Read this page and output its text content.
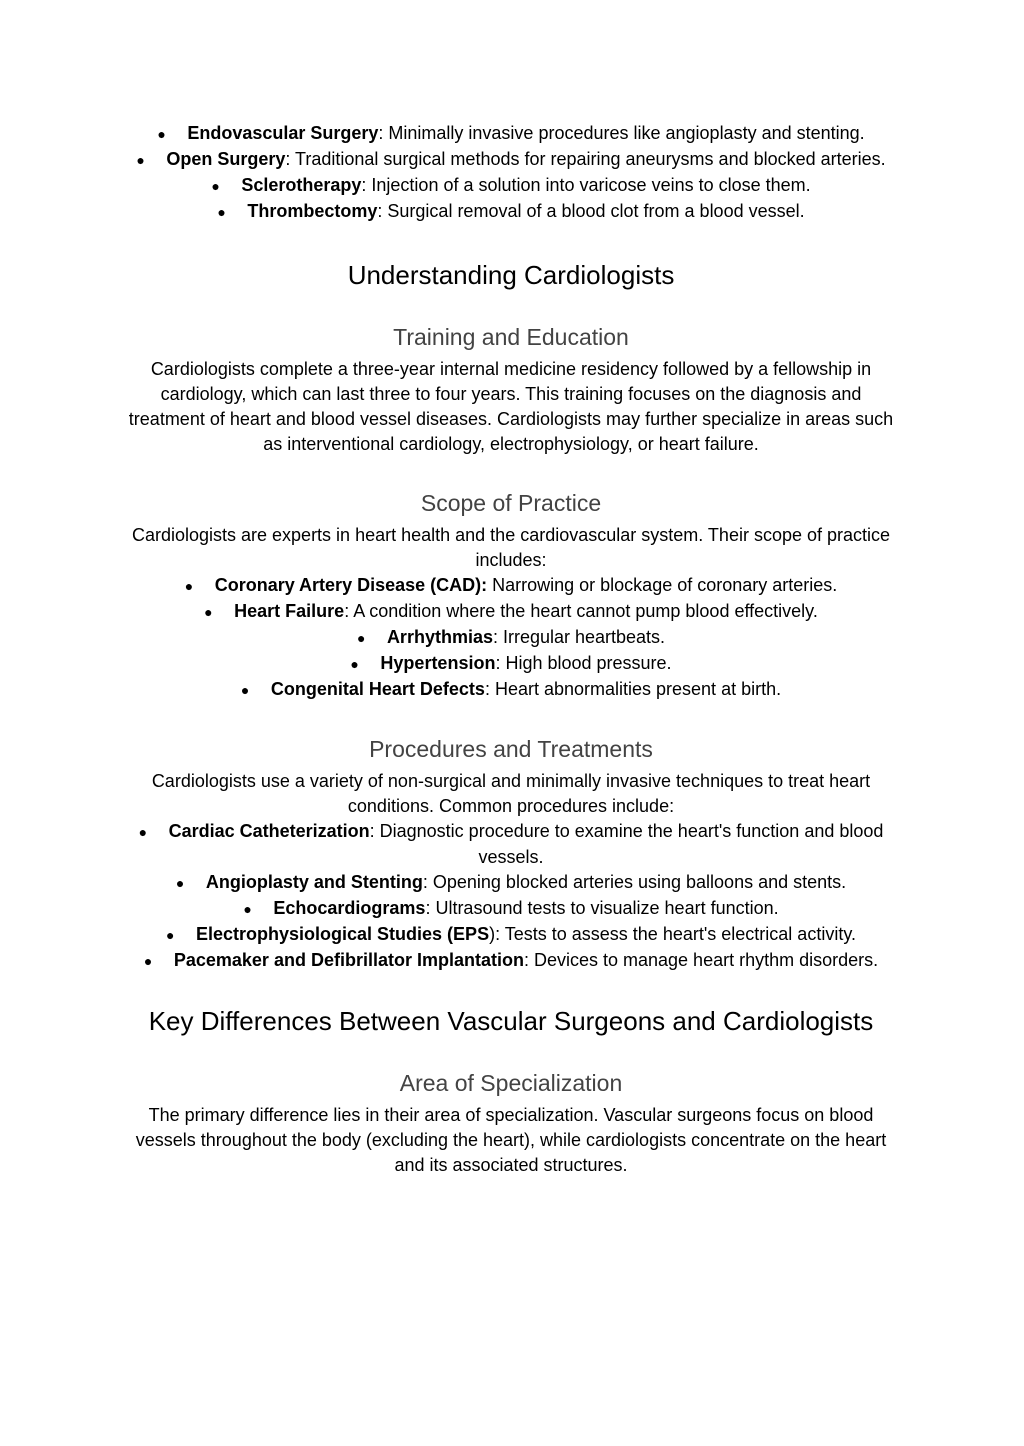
● Endovascular Surgery: Minimally invasive procedures like angioplasty and stenting.
● Open Surgery: Traditional surgical methods for repairing aneurysms and blocked arteries.
● Sclerotherapy: Injection of a solution into varicose veins to close them.
● Thrombectomy: Surgical removal of a blood clot from a blood vessel.
Understanding Cardiologists
Training and Education

Cardiologists complete a three-year internal medicine residency followed by a fellowship in cardiology, which can last three to four years. This training focuses on the diagnosis and treatment of heart and blood vessel diseases. Cardiologists may further specialize in areas such as interventional cardiology, electrophysiology, or heart failure.

Scope of Practice

Cardiologists are experts in heart health and the cardiovascular system. Their scope of practice includes:

● Coronary Artery Disease (CAD): Narrowing or blockage of coronary arteries.
● Heart Failure: A condition where the heart cannot pump blood effectively.
● Arrhythmias: Irregular heartbeats.
● Hypertension: High blood pressure.
● Congenital Heart Defects: Heart abnormalities present at birth.
Procedures and Treatments

Cardiologists use a variety of non-surgical and minimally invasive techniques to treat heart conditions. Common procedures include:

● Cardiac Catheterization: Diagnostic procedure to examine the heart's function and blood vessels.
● Angioplasty and Stenting: Opening blocked arteries using balloons and stents.
● Echocardiograms: Ultrasound tests to visualize heart function.
● Electrophysiological Studies (EPS): Tests to assess the heart's electrical activity.
● Pacemaker and Defibrillator Implantation: Devices to manage heart rhythm disorders.
Key Differences Between Vascular Surgeons and Cardiologists
Area of Specialization

The primary difference lies in their area of specialization. Vascular surgeons focus on blood vessels throughout the body (excluding the heart), while cardiologists concentrate on the heart and its associated structures.
